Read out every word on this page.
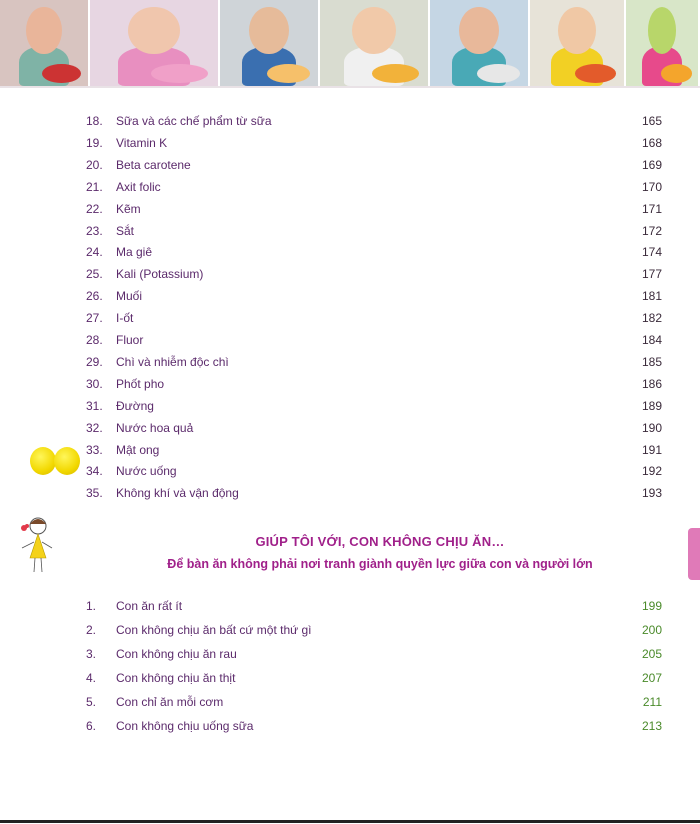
18.	Sữa và các chế phẩm từ sữa	165
19.	Vitamin K	168
20.	Beta carotene	169
21.	Axit folic	170
22.	Kẽm	171
23.	Sắt	172
24.	Ma giê	174
25.	Kali (Potassium)	177
26.	Muối	181
27.	I-ốt	182
28.	Fluor	184
29.	Chì và nhiễm độc chì	185
30.	Phốt pho	186
31.	Đường	189
32.	Nước hoa quả	190
33.	Mật ong	191
34.	Nước uống	192
35.	Không khí và vận động	193
GIÚP TÔI VỚI, CON KHÔNG CHỊU ĂN…
Để bàn ăn không phải nơi tranh giành quyền lực giữa con và người lớn
1.	Con ăn rất ít	199
2.	Con không chịu ăn bất cứ một thứ gì	200
3.	Con không chịu ăn rau	205
4.	Con không chịu ăn thịt	207
5.	Con chỉ ăn mỗi cơm	211
6.	Con không chịu uống sữa	213
